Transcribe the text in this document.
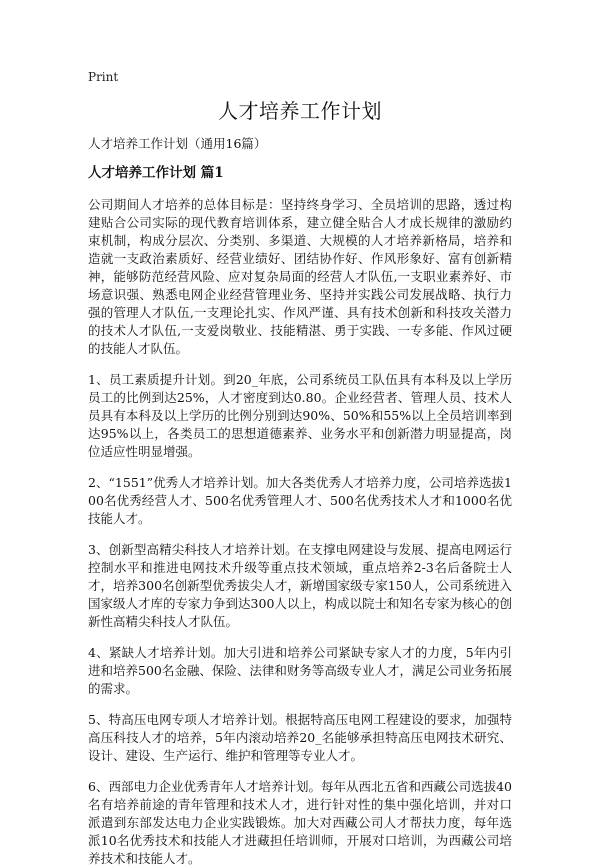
Print
人才培养工作计划

人才培养工作计划（通用16篇）

人才培养工作计划 篇1

公司期间人才培养的总体目标是：坚持终身学习、全员培训的思路，透过构建贴合公司实际的现代教育培训体系，建立健全贴合人才成长规律的激励约束机制，构成分层次、分类别、多渠道、大规模的人才培养新格局，培养和造就一支政治素质好、经营业绩好、团结协作好、作风形象好、富有创新精神，能够防范经营风险、应对复杂局面的经营人才队伍,一支职业素养好、市场意识强、熟悉电网企业经营管理业务、坚持并实践公司发展战略、执行力强的管理人才队伍,一支理论扎实、作风严谨、具有技术创新和科技攻关潜力的技术人才队伍,一支爱岗敬业、技能精湛、勇于实践、一专多能、作风过硬的技能人才队伍。

1、员工素质提升计划。到20_年底，公司系统员工队伍具有本科及以上学历员工的比例到达25%，人才密度到达0.80。企业经营者、管理人员、技术人员具有本科及以上学历的比例分别到达90%、50%和55%以上全员培训率到达95%以上，各类员工的思想道德素养、业务水平和创新潜力明显提高，岗位适应性明显增强。

2、“1551”优秀人才培养计划。加大各类优秀人才培养力度，公司培养选拔100名优秀经营人才、500名优秀管理人才、500名优秀技术人才和1000名优技能人才。

3、创新型高精尖科技人才培养计划。在支撑电网建设与发展、提高电网运行控制水平和推进电网技术升级等重点技术领域，重点培养2-3名后备院士人才，培养300名创新型优秀拔尖人才，新增国家级专家150人，公司系统进入国家级人才库的专家力争到达300人以上，构成以院士和知名专家为核心的创新性高精尖科技人才队伍。

4、紧缺人才培养计划。加大引进和培养公司紧缺专家人才的力度，5年内引进和培养500名金融、保险、法律和财务等高级专业人才，满足公司业务拓展的需求。

5、特高压电网专项人才培养计划。根据特高压电网工程建设的要求，加强特高压科技人才的培养，5年内滚动培养20_名能够承担特高压电网技术研究、设计、建设、生产运行、维护和管理等专业人才。

6、西部电力企业优秀青年人才培养计划。每年从西北五省和西藏公司选拔40名有培养前途的青年管理和技术人才，进行针对性的集中强化培训，并对口派遣到东部发达电力企业实践锻炼。加大对西藏公司人才帮扶力度，每年选派10名优秀技术和技能人才进藏担任培训师，开展对口培训，为西藏公司培养技术和技能人才。
